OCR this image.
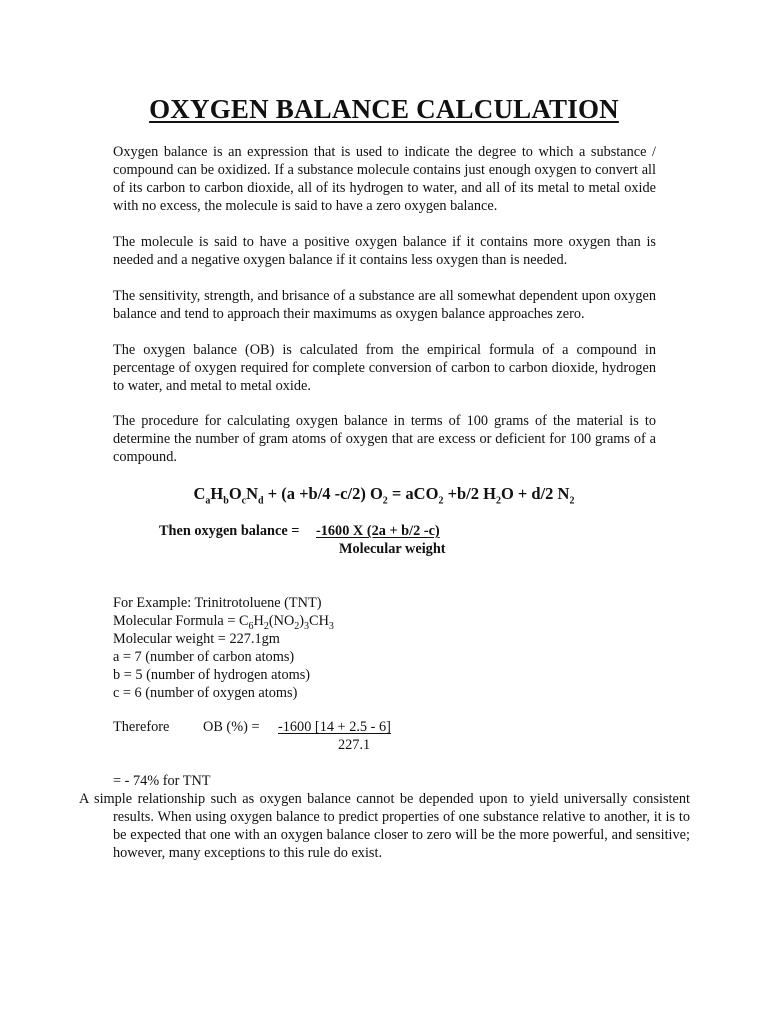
OXYGEN BALANCE CALCULATION

Oxygen balance is an expression that is used to indicate the degree to which a substance / compound can be oxidized. If a substance molecule contains just enough oxygen to convert all of its carbon to carbon dioxide, all of its hydrogen to water, and all of its metal to metal oxide with no excess, the molecule is said to have a zero oxygen balance.

The molecule is said to have a positive oxygen balance if it contains more oxygen than is needed and a negative oxygen balance if it contains less oxygen than is needed.

The sensitivity, strength, and brisance of a substance are all somewhat dependent upon oxygen balance and tend to approach their maximums as oxygen balance approaches zero.

The oxygen balance (OB) is calculated from the empirical formula of a compound in percentage of oxygen required for complete conversion of carbon to carbon dioxide, hydrogen to water, and metal to metal oxide.

The procedure for calculating oxygen balance in terms of 100 grams of the material is to determine the number of gram atoms of oxygen that are excess or deficient for 100 grams of a compound.

$C_aH_bO_cN_d + (a +b/4$ -c/2) $O_2 = aCO_2 +b/2$ $H_2O + d/2$ $N_2$
Then oxygen balance = -1600 X (2a + b/2 -c)
Molecular weight
For Example: Trinitrotoluene (TNT)
Molecular Formula = $C_6H_2(NO_2)_3CH_3$
Molecular weight = 227.1gm
a = 7 (number of carbon atoms)
b = 5 (number of hydrogen atoms)
c = 6 (number of oxygen atoms)
Therefore OB (%) = -1600 [14 + 2.5 - 6]
227.1
= - 74% for TNT

A simple relationship such as oxygen balance cannot be depended upon to yield universally consistent results. When using oxygen balance to predict properties of one substance relative to another, it is to be expected that one with an oxygen balance closer to zero will be the more powerful, and sensitive; however, many exceptions to this rule do exist.
